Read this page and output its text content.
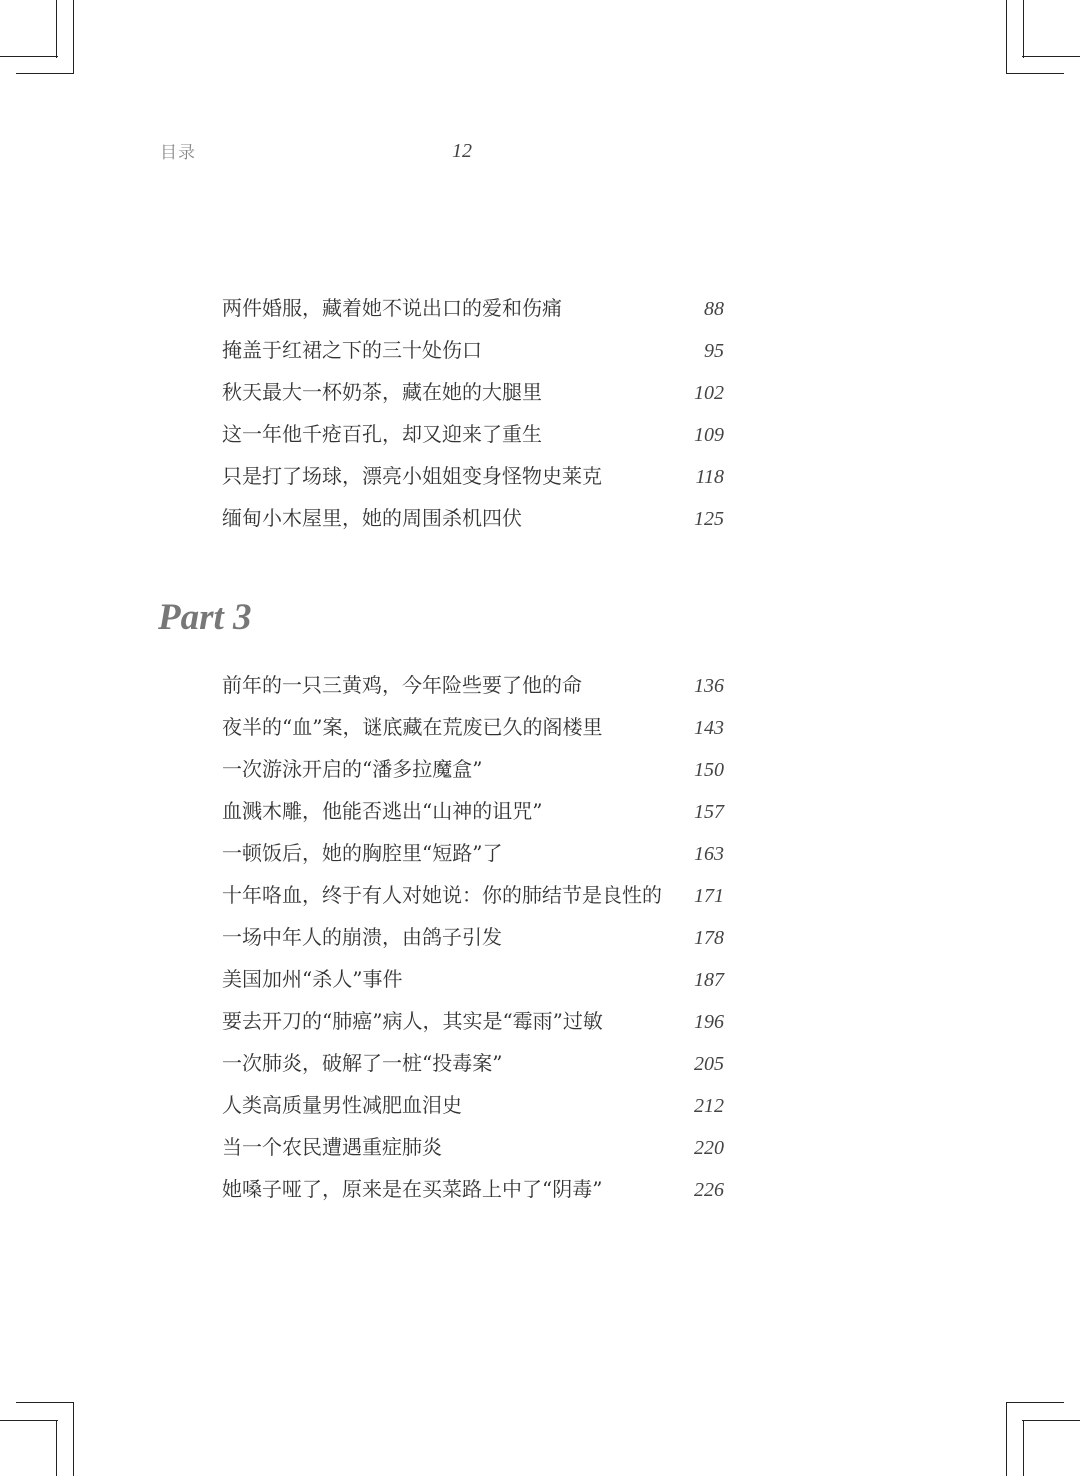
目录	12
两件婚服，藏着她不说出口的爱和伤痛	88
掩盖于红裙之下的三十处伤口	95
秋天最大一杯奶茶，藏在她的大腿里	102
这一年他千疮百孔，却又迎来了重生	109
只是打了场球，漂亮小姐姐变身怪物史莱克	118
缅甸小木屋里，她的周围杀机四伏	125
Part 3
前年的一只三黄鸡，今年险些要了他的命	136
夜半的“血”案，谜底藏在荒废已久的阁楼里	143
一次游泳开启的“潘多拉魔盒”	150
血溅木雕，他能否逃出“山神的诅咒”	157
一顿饭后，她的胸腔里“短路”了	163
十年咯血，终于有人对她说：你的肺结节是良性的 171
一场中年人的崩溃，由鸽子引发	178
美国加州“杀人”事件	187
要去开刀的“肺癌”病人，其实是“霉雨”过敏	196
一次肺炎，破解了一桩“投毒案”	205
人类高质量男性减肥血泪史	212
当一个农民遭遇重症肺炎	220
她嗓子哑了，原来是在买菜路上中了“阴毒”	226
